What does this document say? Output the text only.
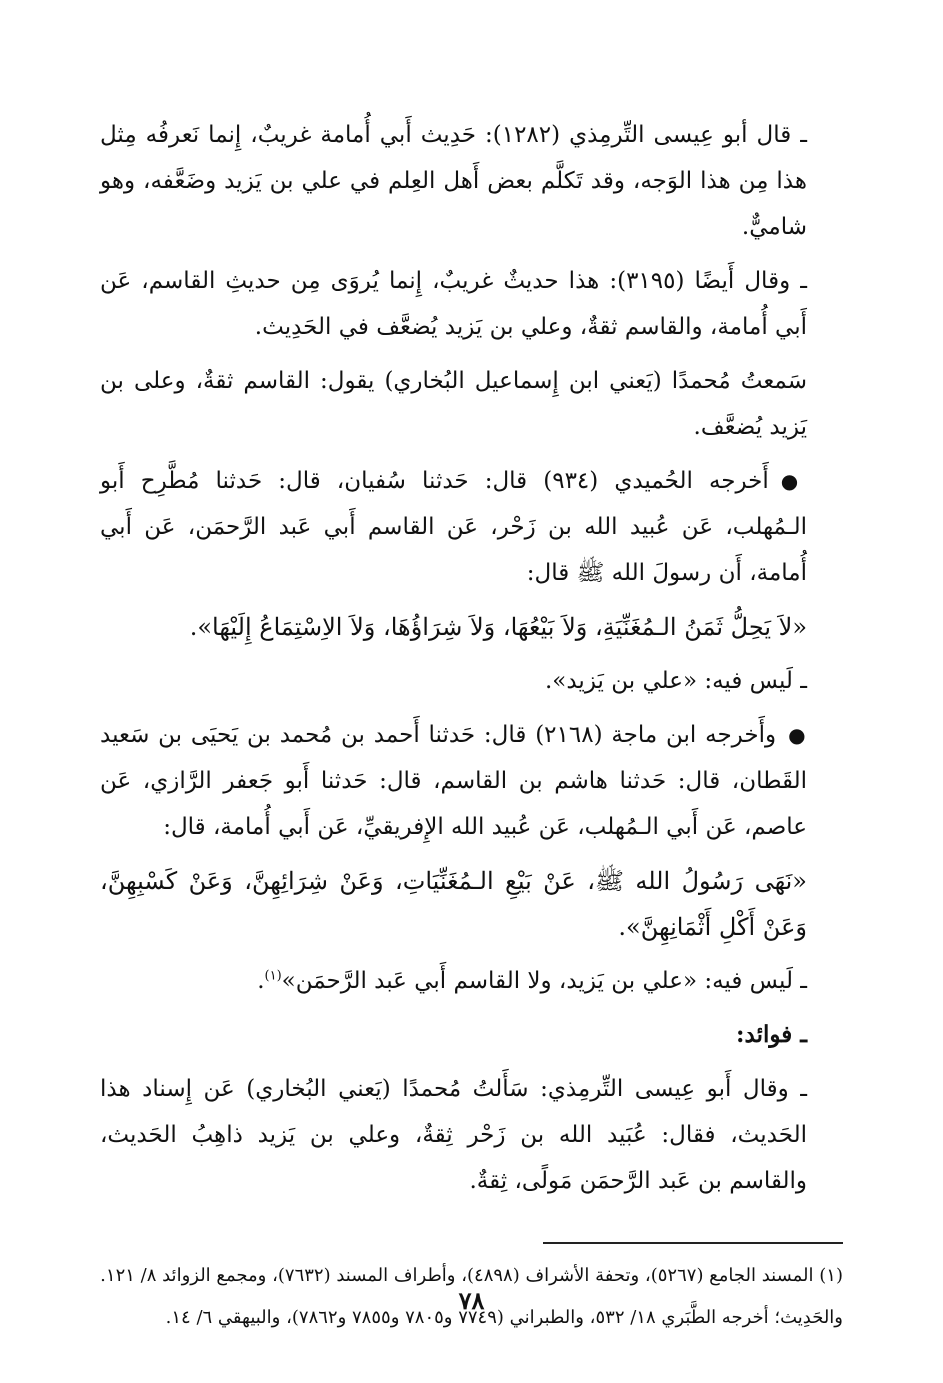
ـ قال أبو عِيسى التِّرمِذي (١٢٨٢): حَدِيث أَبي أُمامة غريبٌ، إِنما نَعرفُه مِثل هذا مِن هذا الوَجه، وقد تَكلَّم بعض أَهل العِلم في علي بن يَزيد وضَعَّفه، وهو شاميٌّ.

ـ وقال أَيضًا (٣١٩٥): هذا حديثٌ غريبٌ، إِنما يُروَى مِن حديثِ القاسم، عَن أَبي أُمامة، والقاسم ثقةٌ، وعلي بن يَزيد يُضعَّف في الحَدِيث.

سَمعتُ مُحمدًا (يَعني ابن إِسماعيل البُخاري) يقول: القاسم ثقةٌ، وعلى بن يَزيد يُضعَّف.

●أَخرجه الحُميدي (٩٣٤) قال: حَدثنا سُفيان، قال: حَدثنا مُطَّرِح أَبو الـمُهلب، عَن عُبيد الله بن زَحْر، عَن القاسم أَبي عَبد الرَّحمَن، عَن أَبي أُمامة، أَن رسولَ الله ﷺ قال:

«لاَ يَحِلُّ ثَمَنُ الـمُغَنِّيَةِ، وَلاَ بَيْعُهَا، وَلاَ شِرَاؤُهَا، وَلاَ الاِسْتِمَاعُ إِلَيْهَا».

ـ لَيس فيه: «علي بن يَزيد».

●وأَخرجه ابن ماجة (٢١٦٨) قال: حَدثنا أَحمد بن مُحمد بن يَحيَى بن سَعيد القَطان، قال: حَدثنا هاشم بن القاسم، قال: حَدثنا أَبو جَعفر الرَّازي، عَن عاصم، عَن أَبي الـمُهلب، عَن عُبيد الله الإِفريقيِّ، عَن أَبي أُمامة، قال:

«نَهَى رَسُولُ الله ﷺ، عَنْ بَيْعِ الـمُغَنِّيَاتِ، وَعَنْ شِرَائِهِنَّ، وَعَنْ كَسْبِهِنَّ، وَعَنْ أَكْلِ أَثْمَانِهِنَّ».

ـ لَيس فيه: «علي بن يَزيد، ولا القاسم أَبي عَبد الرَّحمَن»$^{(١)}$.

ـ فوائد:

ـ وقال أَبو عِيسى التِّرمِذي: سَأَلتُ مُحمدًا (يَعني البُخاري) عَن إِسناد هذا الحَديث، فقال: عُبَيد الله بن زَحْر ثِقةٌ، وعلي بن يَزيد ذاهِبُ الحَديث، والقاسم بن عَبد الرَّحمَن مَولًى، ثِقةٌ.

(١) المسند الجامع (٥٢٦٧)، وتحفة الأشراف (٤٨٩٨)، وأطراف المسند (٧٦٣٢)، ومجمع الزوائد ٨/ ١٢١.

والحَدِيث؛ أخرجه الطَّبَري ١٨/ ٥٣٢، والطبراني (٧٧٤٩ و٧٨٠٥ و٧٨٥٥ و٧٨٦٢)، والبيهقي ٦/ ١٤.

٧٨
